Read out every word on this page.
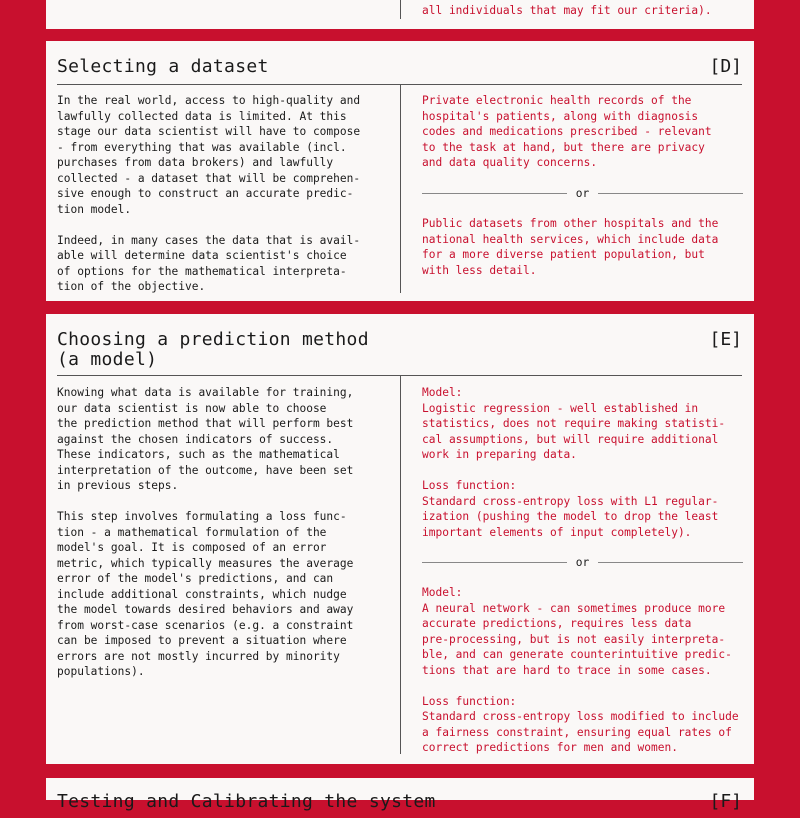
all individuals that may fit our criteria).

Selecting a dataset	[D]

In the real world, access to high-quality and
lawfully collected data is limited. At this
stage our data scientist will have to compose
- from everything that was available (incl.
purchases from data brokers) and lawfully
collected - a dataset that will be comprehen-
sive enough to construct an accurate predic-
tion model.

Indeed, in many cases the data that is avail-
able will determine data scientist's choice
of options for the mathematical interpreta-
tion of the objective.

Private electronic health records of the
hospital's patients, along with diagnosis
codes and medications prescribed - relevant
to the task at hand, but there are privacy
and data quality concerns.

or

Public datasets from other hospitals and the
national health services, which include data
for a more diverse patient population, but
with less detail.

Choosing a prediction method
(a model)
[E]

Knowing what data is available for training,
our data scientist is now able to choose
the prediction method that will perform best
against the chosen indicators of success.
These indicators, such as the mathematical
interpretation of the outcome, have been set
in previous steps.

This step involves formulating a loss func-
tion - a mathematical formulation of the
model's goal. It is composed of an error
metric, which typically measures the average
error of the model's predictions, and can
include additional constraints, which nudge
the model towards desired behaviors and away
from worst-case scenarios (e.g. a constraint
can be imposed to prevent a situation where
errors are not mostly incurred by minority
populations).

Model:
Logistic regression - well established in
statistics, does not require making statisti-
cal assumptions, but will require additional
work in preparing data.

Loss function:
Standard cross-entropy loss with L1 regular-
ization (pushing the model to drop the least
important elements of input completely).

or

Model:
A neural network - can sometimes produce more
accurate predictions, requires less data
pre-processing, but is not easily interpreta-
ble, and can generate counterintuitive predic-
tions that are hard to trace in some cases.

Loss function:
Standard cross-entropy loss modified to include
a fairness constraint, ensuring equal rates of
correct predictions for men and women.

Testing and Calibrating the system	[F]
